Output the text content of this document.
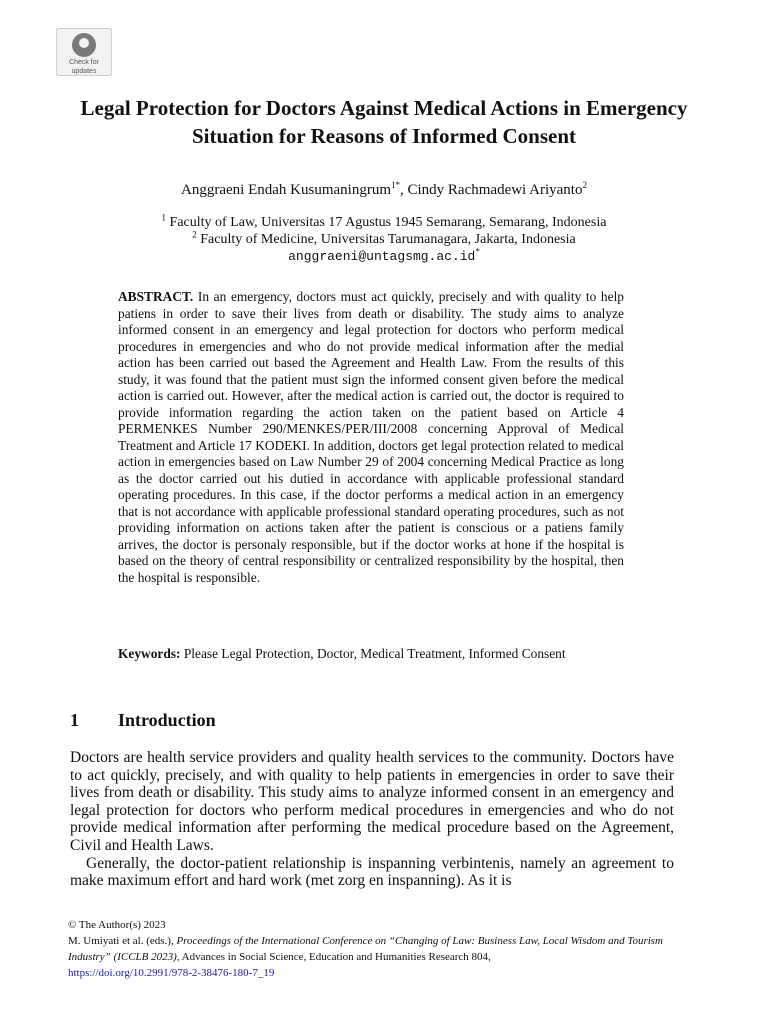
Check for
updates
Legal Protection for Doctors Against Medical Actions in Emergency Situation for Reasons of Informed Consent
Anggraeni Endah Kusumaningrum$^{1*}$, Cindy Rachmadewi Ariyanto$^2$
$^1$ Faculty of Law, Universitas 17 Agustus 1945 Semarang, Semarang, Indonesia
$^2$ Faculty of Medicine, Universitas Tarumanagara, Jakarta, Indonesia
anggraeni@untagsmg.ac.id*
ABSTRACT. In an emergency, doctors must act quickly, precisely and with quality to help patiens in order to save their lives from death or disability. The study aims to analyze informed consent in an emergency and legal protection for doctors who perform medical procedures in emergencies and who do not provide medical information after the medial action has been carried out based the Agreement and Health Law. From the results of this study, it was found that the patient must sign the informed consent given before the medical action is carried out. However, after the medical action is carried out, the doctor is required to provide information regarding the action taken on the patient based on Article 4 PERMENKES Number 290/MENKES/PER/III/2008 concerning Approval of Medical Treatment and Article 17 KODEKI. In addition, doctors get legal protection related to medical action in emergencies based on Law Number 29 of 2004 concerning Medical Practice as long as the doctor carried out his dutied in accordance with applicable professional standard operating procedures. In this case, if the doctor performs a medical action in an emergency that is not accordance with applicable professional standard operating procedures, such as not providing information on actions taken after the patient is conscious or a patiens family arrives, the doctor is personaly responsible, but if the doctor works at hone if the hospital is based on the theory of central responsibility or centralized responsibility by the hospital, then the hospital is responsible.
Keywords: Please Legal Protection, Doctor, Medical Treatment, Informed Consent
1 Introduction

Doctors are health service providers and quality health services to the community. Doctors have to act quickly, precisely, and with quality to help patients in emergencies in order to save their lives from death or disability. This study aims to analyze informed consent in an emergency and legal protection for doctors who perform medical procedures in emergencies and who do not provide medical information after performing the medical procedure based on the Agreement, Civil and Health Laws.

Generally, the doctor-patient relationship is inspanning verbintenis, namely an agreement to make maximum effort and hard work (met zorg en inspanning). As it is

© The Author(s) 2023
M. Umiyati et al. (eds.), Proceedings of the International Conference on “Changing of Law: Business Law, Local Wisdom and Tourism Industry” (ICCLB 2023), Advances in Social Science, Education and Humanities Research 804,
https://doi.org/10.2991/978-2-38476-180-7_19
